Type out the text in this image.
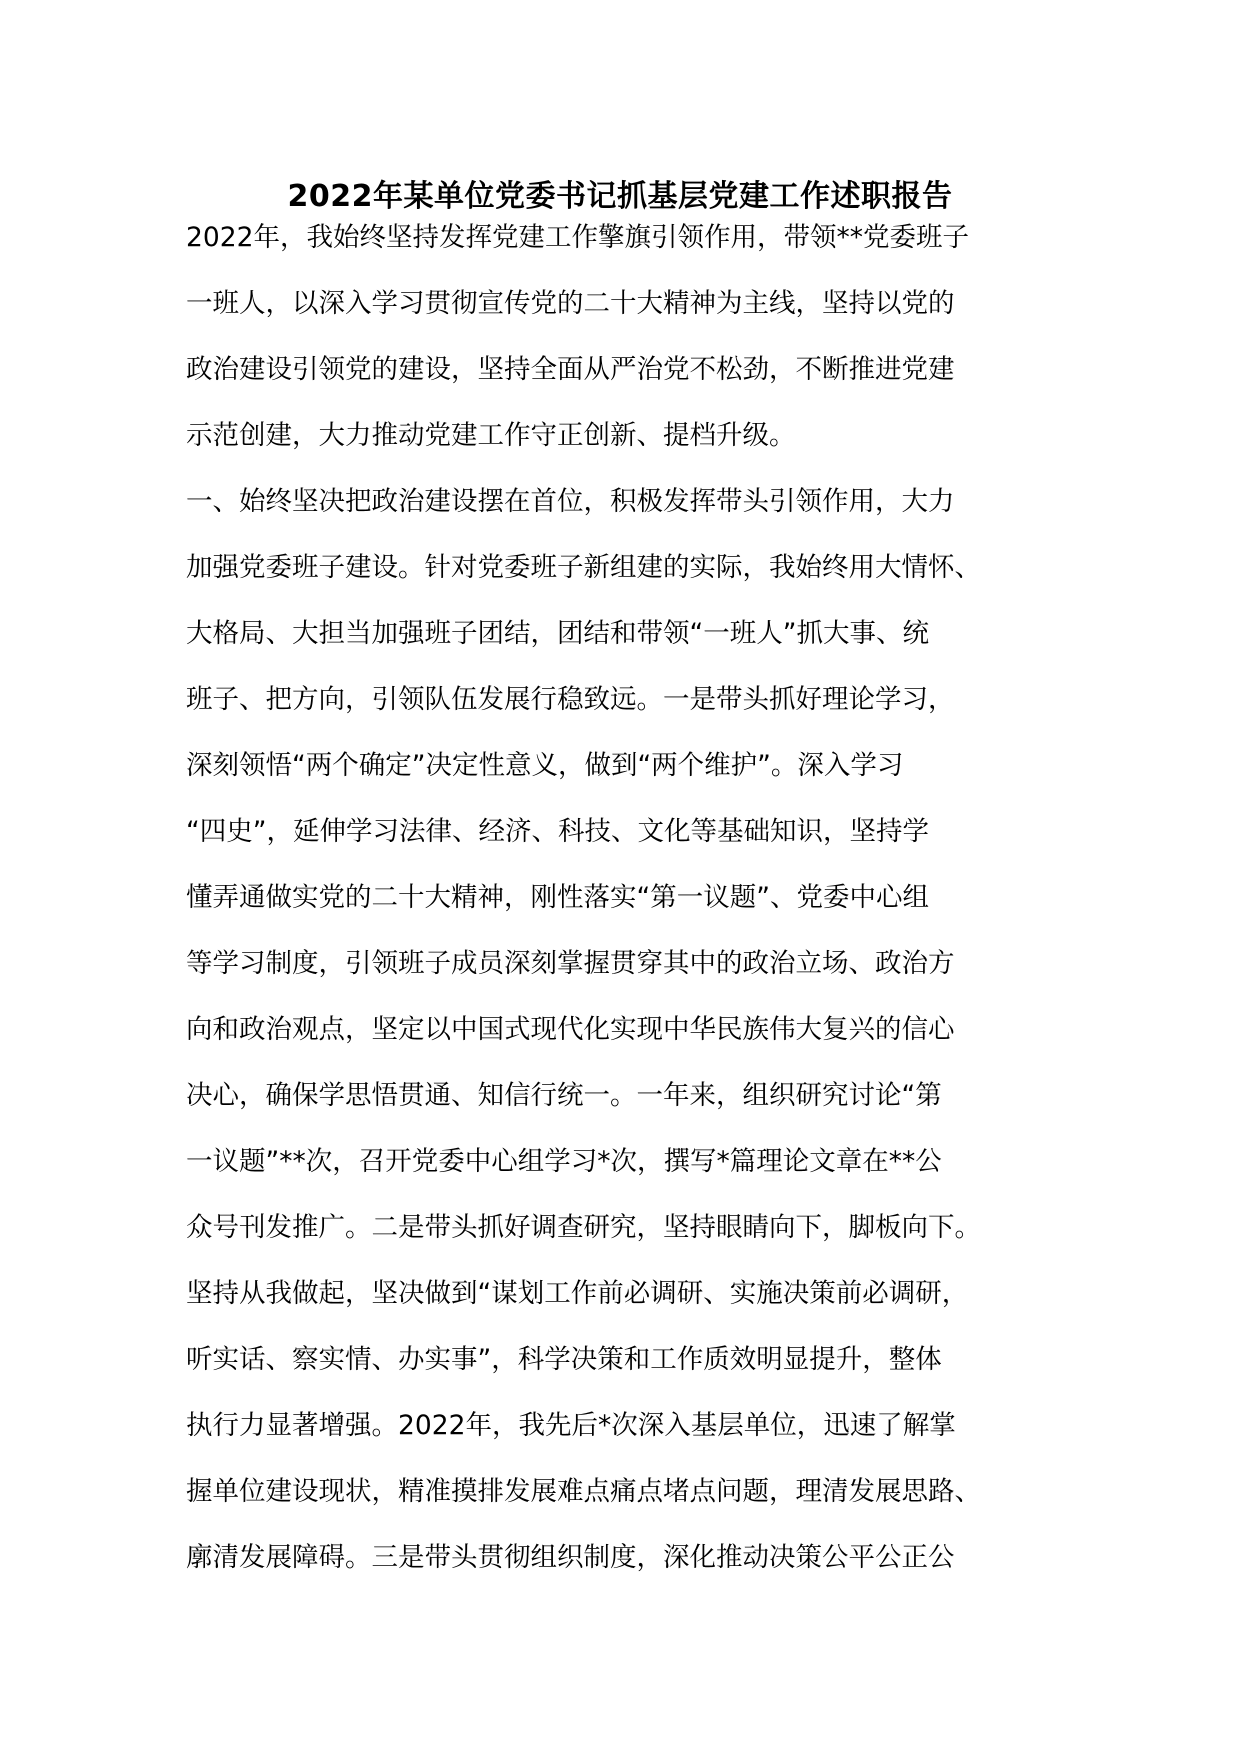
2022年某单位党委书记抓基层党建工作述职报告
2022年，我始终坚持发挥党建工作擎旗引领作用，带领**党委班子
一班人，以深入学习贯彻宣传党的二十大精神为主线，坚持以党的
政治建设引领党的建设，坚持全面从严治党不松劲，不断推进党建
示范创建，大力推动党建工作守正创新、提档升级。
一、始终坚决把政治建设摆在首位，积极发挥带头引领作用，大力
加强党委班子建设。针对党委班子新组建的实际，我始终用大情怀、
大格局、大担当加强班子团结，团结和带领“一班人”抓大事、统
班子、把方向，引领队伍发展行稳致远。一是带头抓好理论学习，
深刻领悟“两个确定”决定性意义，做到“两个维护”。深入学习
“四史”，延伸学习法律、经济、科技、文化等基础知识，坚持学
懂弄通做实党的二十大精神，刚性落实“第一议题”、党委中心组
等学习制度，引领班子成员深刻掌握贯穿其中的政治立场、政治方
向和政治观点，坚定以中国式现代化实现中华民族伟大复兴的信心
决心，确保学思悟贯通、知信行统一。一年来，组织研究讨论“第
一议题”**次，召开党委中心组学习*次，撰写*篇理论文章在**公
众号刊发推广。二是带头抓好调查研究，坚持眼睛向下，脚板向下。
坚持从我做起，坚决做到“谋划工作前必调研、实施决策前必调研，
听实话、察实情、办实事”，科学决策和工作质效明显提升，整体
执行力显著增强。2022年，我先后*次深入基层单位，迅速了解掌
握单位建设现状，精准摸排发展难点痛点堵点问题，理清发展思路、
廓清发展障碍。三是带头贯彻组织制度，深化推动决策公平公正公
